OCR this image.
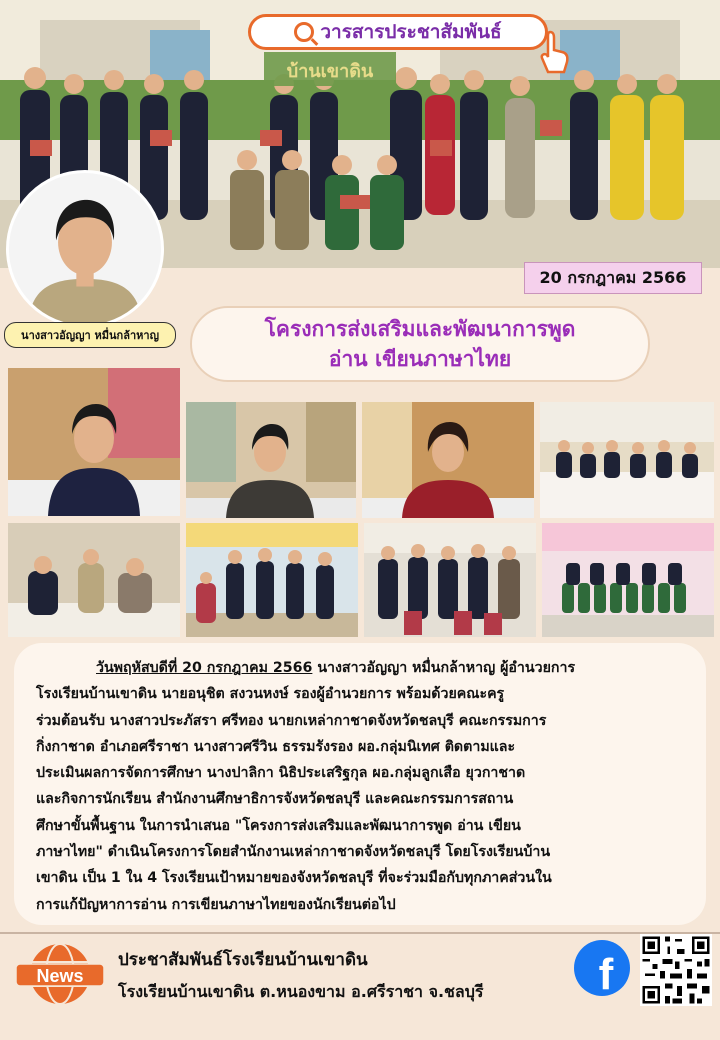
บ้านเขาดิน
วารสารประชาสัมพันธ์
นางสาวอัญญา หมื่นกล้าหาญ
20 กรกฎาคม 2566
โครงการส่งเสริมและพัฒนาการพูด
อ่าน เขียนภาษาไทย
วันพฤหัสบดีที่ 20 กรกฎาคม 2566 นางสาวอัญญา หมื่นกล้าหาญ ผู้อำนวยการ
โรงเรียนบ้านเขาดิน นายอนุชิต สงวนหงษ์ รองผู้อำนวยการ พร้อมด้วยคณะครู
ร่วมต้อนรับ นางสาวประภัสรา ศรีทอง นายกเหล่ากาชาดจังหวัดชลบุรี คณะกรรมการ
กิ่งกาชาด อำเภอศรีราชา นางสาวศรีวิน ธรรมรังรอง ผอ.กลุ่มนิเทศ ติดตามและ
ประเมินผลการจัดการศึกษา นางปาลิกา นิธิประเสริฐกุล ผอ.กลุ่มลูกเสือ ยุวกาชาด
และกิจการนักเรียน สำนักงานศึกษาธิการจังหวัดชลบุรี และคณะกรรมการสถาน
ศึกษาขั้นพื้นฐาน ในการนำเสนอ "โครงการส่งเสริมและพัฒนาการพูด อ่าน เขียน
ภาษาไทย" ดำเนินโครงการโดยสำนักงานเหล่ากาชาดจังหวัดชลบุรี โดยโรงเรียนบ้าน
เขาดิน เป็น 1 ใน 4 โรงเรียนเป้าหมายของจังหวัดชลบุรี ที่จะร่วมมือกับทุกภาคส่วนใน
การแก้ปัญหาการอ่าน การเขียนภาษาไทยของนักเรียนต่อไป
News
ประชาสัมพันธ์โรงเรียนบ้านเขาดิน
โรงเรียนบ้านเขาดิน ต.หนองขาม อ.ศรีราชา จ.ชลบุรี	f
